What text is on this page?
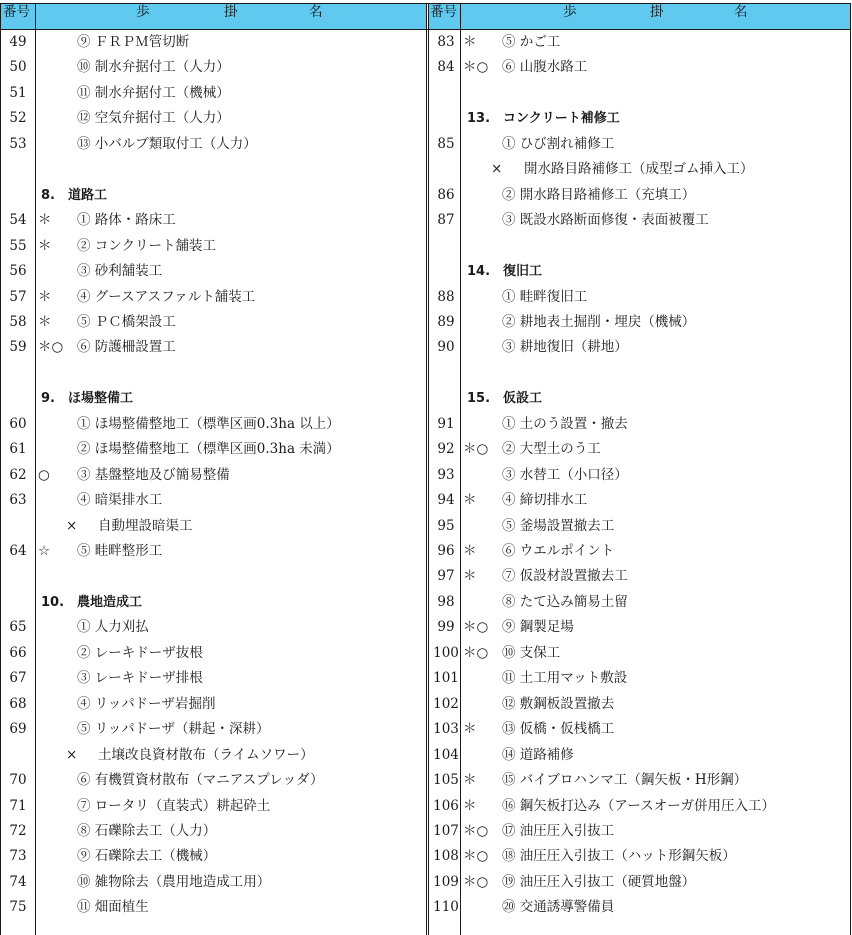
番号	歩	掛	名	番号	歩	掛	名
49	⑨ ＦＲＰＭ管切断
50	⑩ 制水弁据付工（人力）
51	⑪ 制水弁据付工（機械）
52	⑫ 空気弁据付工（人力）
53	⑬ 小バルブ類取付工（人力）
8.　道路工
54 ＊ ① 路体・路床工
55 ＊ ② コンクリート舗装工
56	③ 砂利舗装工
57 ＊ ④ グースアスファルト舗装工
58 ＊ ⑤ ＰＣ橋架設工
59 ＊○ ⑥ 防護柵設置工
9.　ほ場整備工
60	① ほ場整備整地工（標準区画0.3ha 以上）
61	② ほ場整備整地工（標準区画0.3ha 未満）
62 ○ ③ 基盤整地及び簡易整備
63	④ 暗渠排水工
× 自動埋設暗渠工
64 ☆ ⑤ 畦畔整形工
10.　農地造成工
65	① 人力刈払
66	② レーキドーザ抜根
67	③ レーキドーザ排根
68	④ リッパドーザ岩掘削
69	⑤ リッパドーザ（耕起・深耕）
× 土壌改良資材散布（ライムソワー）
70	⑥ 有機質資材散布（マニアスプレッダ）
71	⑦ ロータリ（直装式）耕起砕土
72	⑧ 石礫除去工（人力）
73	⑨ 石礫除去工（機械）
74	⑩ 雑物除去（農用地造成工用）
75	⑪ 畑面植生
83 ＊ ⑤ かご工
84 ＊○ ⑥ 山腹水路工
13.　コンクリート補修工
85	① ひび割れ補修工
× 開水路目路補修工（成型ゴム挿入工）
86	② 開水路目路補修工（充填工）
87	③ 既設水路断面修復・表面被覆工
14.　復旧工
88	① 畦畔復旧工
89	② 耕地表土掘削・埋戻（機械）
90	③ 耕地復旧（耕地）
15.　仮設工
91	① 土のう設置・撤去
92 ＊○ ② 大型土のう工
93	③ 水替工（小口径）
94 ＊ ④ 締切排水工
95	⑤ 釜場設置撤去工
96 ＊ ⑥ ウエルポイント
97 ＊ ⑦ 仮設材設置撤去工
98	⑧ たて込み簡易土留
99 ＊○ ⑨ 鋼製足場
100 ＊○ ⑩ 支保工
101	⑪ 土工用マット敷設
102	⑫ 敷鋼板設置撤去
103 ＊ ⑬ 仮橋・仮桟橋工
104	⑭ 道路補修
105 ＊ ⑮ バイブロハンマ工（鋼矢板・H形鋼）
106 ＊ ⑯ 鋼矢板打込み（アースオーガ併用圧入工）
107 ＊○ ⑰ 油圧圧入引抜工
108 ＊○ ⑱ 油圧圧入引抜工（ハット形鋼矢板）
109 ＊○ ⑲ 油圧圧入引抜工（硬質地盤）
110	⑳ 交通誘導警備員
